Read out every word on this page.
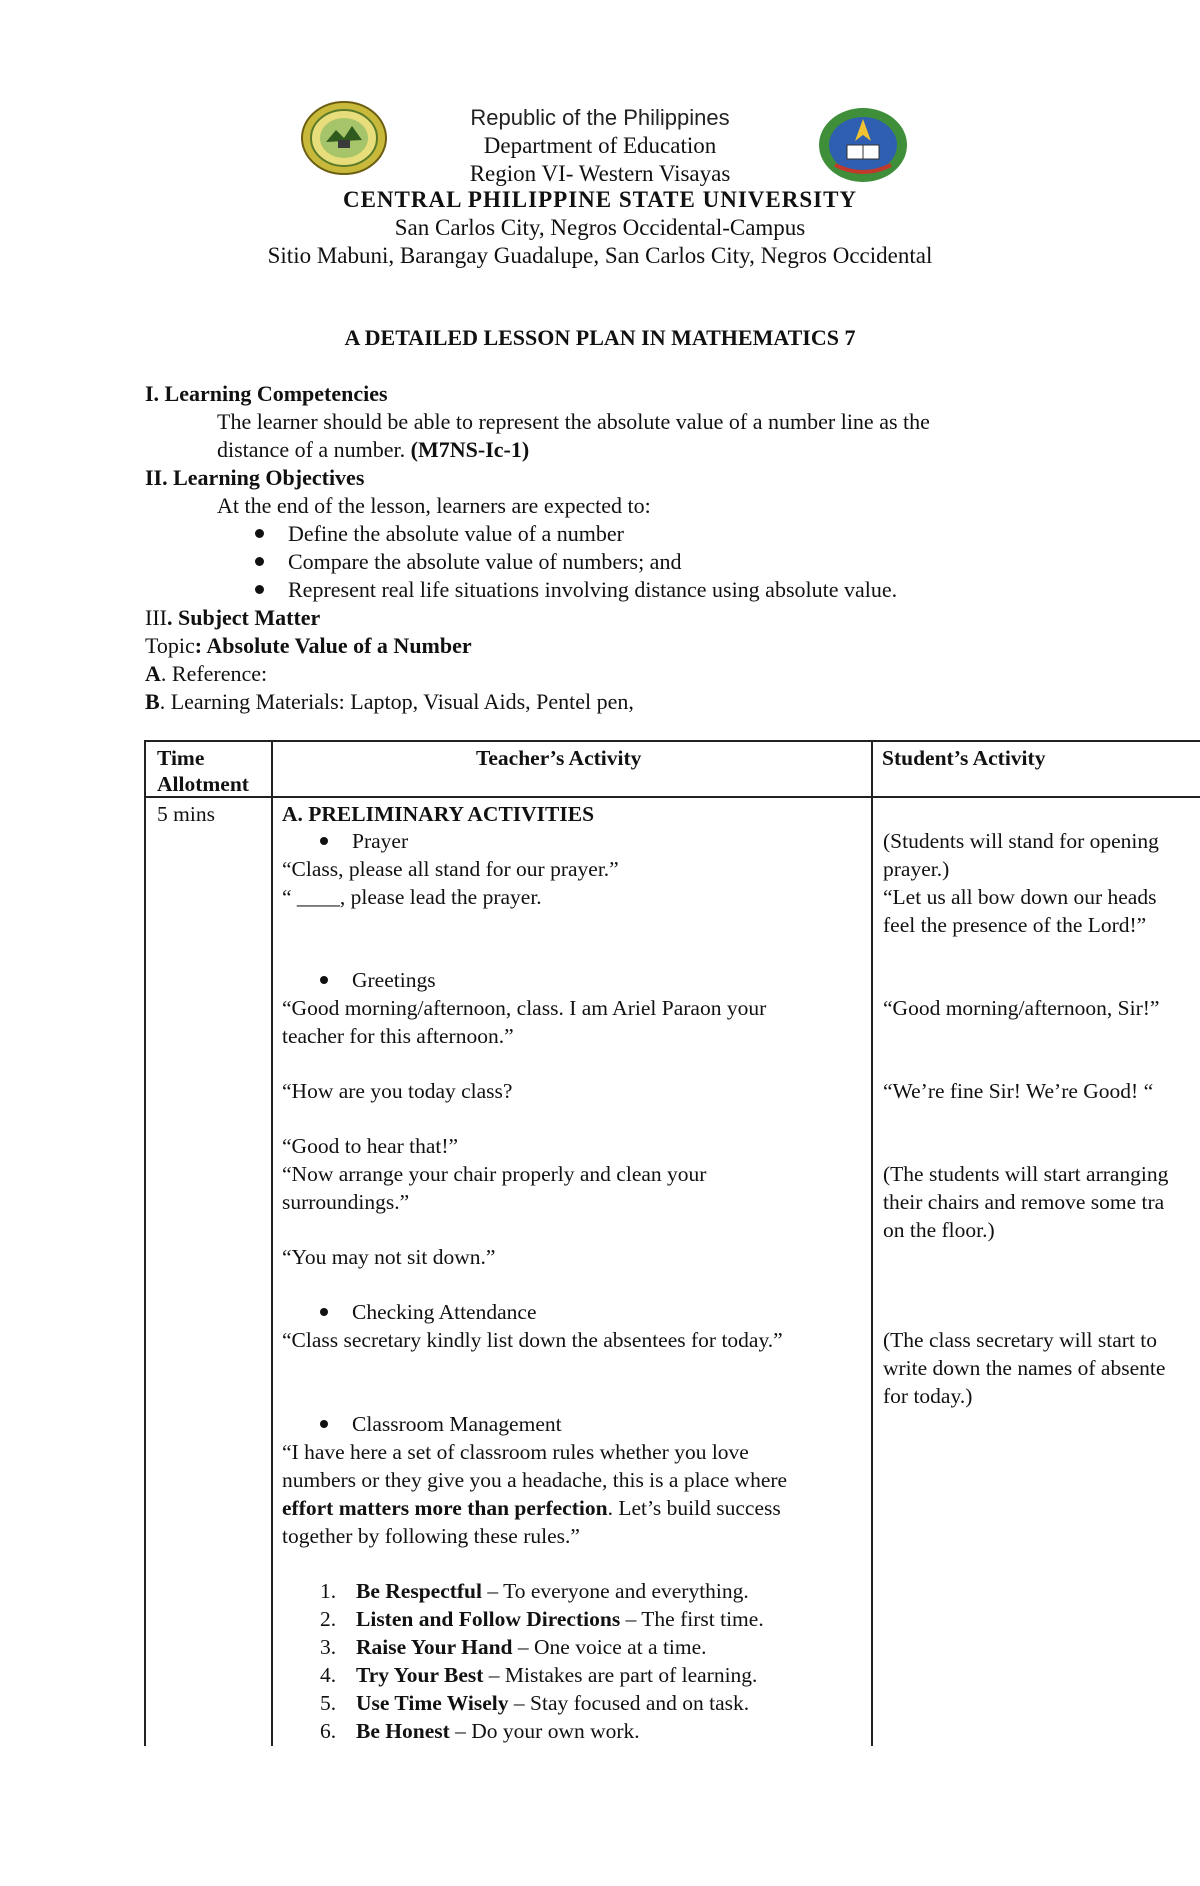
Republic of the Philippines
Department of Education
Region VI- Western Visayas
CENTRAL PHILIPPINE STATE UNIVERSITY
San Carlos City, Negros Occidental-Campus
Sitio Mabuni, Barangay Guadalupe, San Carlos City, Negros Occidental
A DETAILED LESSON PLAN IN MATHEMATICS 7
I. Learning Competencies
The learner should be able to represent the absolute value of a number line as the
distance of a number. (M7NS-Ic-1)
II. Learning Objectives
At the end of the lesson, learners are expected to:
Define the absolute value of a number
Compare the absolute value of numbers; and
Represent real life situations involving distance using absolute value.
III. Subject Matter
Topic: Absolute Value of a Number
A. Reference:
B. Learning Materials: Laptop, Visual Aids, Pentel pen,
Time
Allotment
Teacher’s Activity	Student’s Activity
5 mins	A. PRELIMINARY ACTIVITIES
Prayer
“Class, please all stand for our prayer.”
“ ____, please lead the prayer.
Greetings
“Good morning/afternoon, class. I am Ariel Paraon your
teacher for this afternoon.”
“How are you today class?
“Good to hear that!”
“Now arrange your chair properly and clean your
surroundings.”
“You may not sit down.”
Checking Attendance
“Class secretary kindly list down the absentees for today.”
Classroom Management
“I have here a set of classroom rules whether you love
numbers or they give you a headache, this is a place where
effort matters more than perfection. Let’s build success
together by following these rules.”
1. Be Respectful – To everyone and everything.
2. Listen and Follow Directions – The first time.
3. Raise Your Hand – One voice at a time.
4. Try Your Best – Mistakes are part of learning.
5. Use Time Wisely – Stay focused and on task.
6. Be Honest – Do your own work.
(Students will stand for opening
prayer.)
“Let us all bow down our heads
feel the presence of the Lord!”
“Good morning/afternoon, Sir!”
“We’re fine Sir! We’re Good! “
(The students will start arranging
their chairs and remove some tra
on the floor.)
(The class secretary will start to
write down the names of absente
for today.)
